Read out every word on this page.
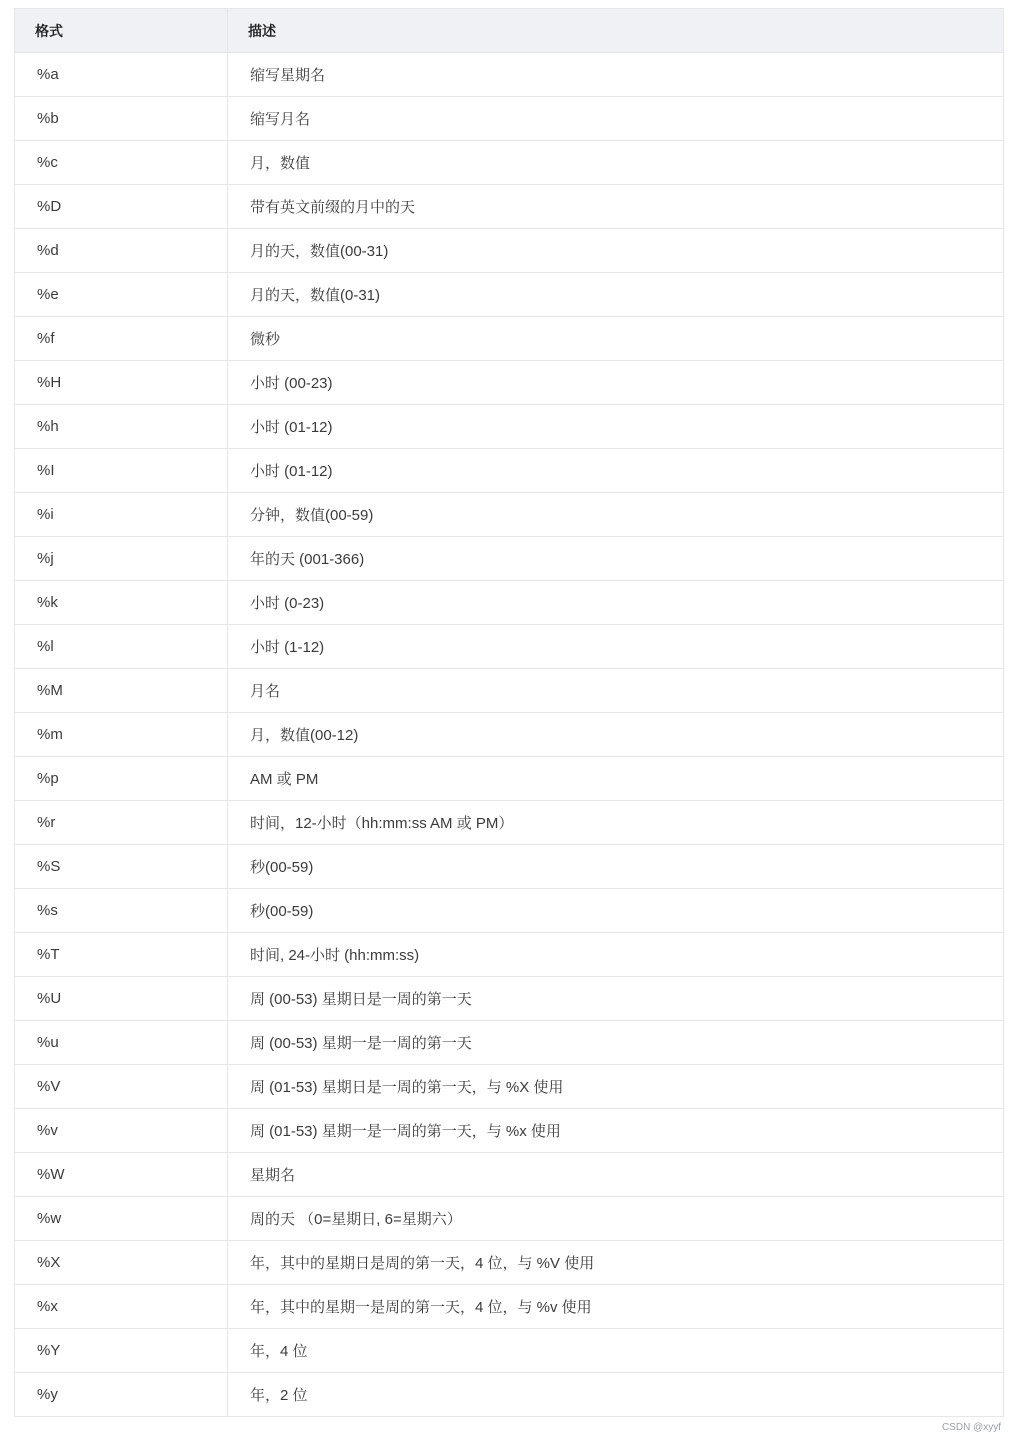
格式	描述
%a	缩写星期名
%b	缩写月名
%c	月，数值
%D	带有英文前缀的月中的天
%d	月的天，数值(00-31)
%e	月的天，数值(0-31)
%f	微秒
%H	小时 (00-23)
%h	小时 (01-12)
%I	小时 (01-12)
%i	分钟，数值(00-59)
%j	年的天 (001-366)
%k	小时 (0-23)
%l	小时 (1-12)
%M	月名
%m	月，数值(00-12)
%p	AM 或 PM
%r	时间，12-小时（hh:mm:ss AM 或 PM）
%S	秒(00-59)
%s	秒(00-59)
%T	时间, 24-小时 (hh:mm:ss)
%U	周 (00-53) 星期日是一周的第一天
%u	周 (00-53) 星期一是一周的第一天
%V	周 (01-53) 星期日是一周的第一天，与 %X 使用
%v	周 (01-53) 星期一是一周的第一天，与 %x 使用
%W	星期名
%w	周的天 （0=星期日, 6=星期六）
%X	年，其中的星期日是周的第一天，4 位，与 %V 使用
%x	年，其中的星期一是周的第一天，4 位，与 %v 使用
%Y	年，4 位
%y	年，2 位
CSDN @xyyf
